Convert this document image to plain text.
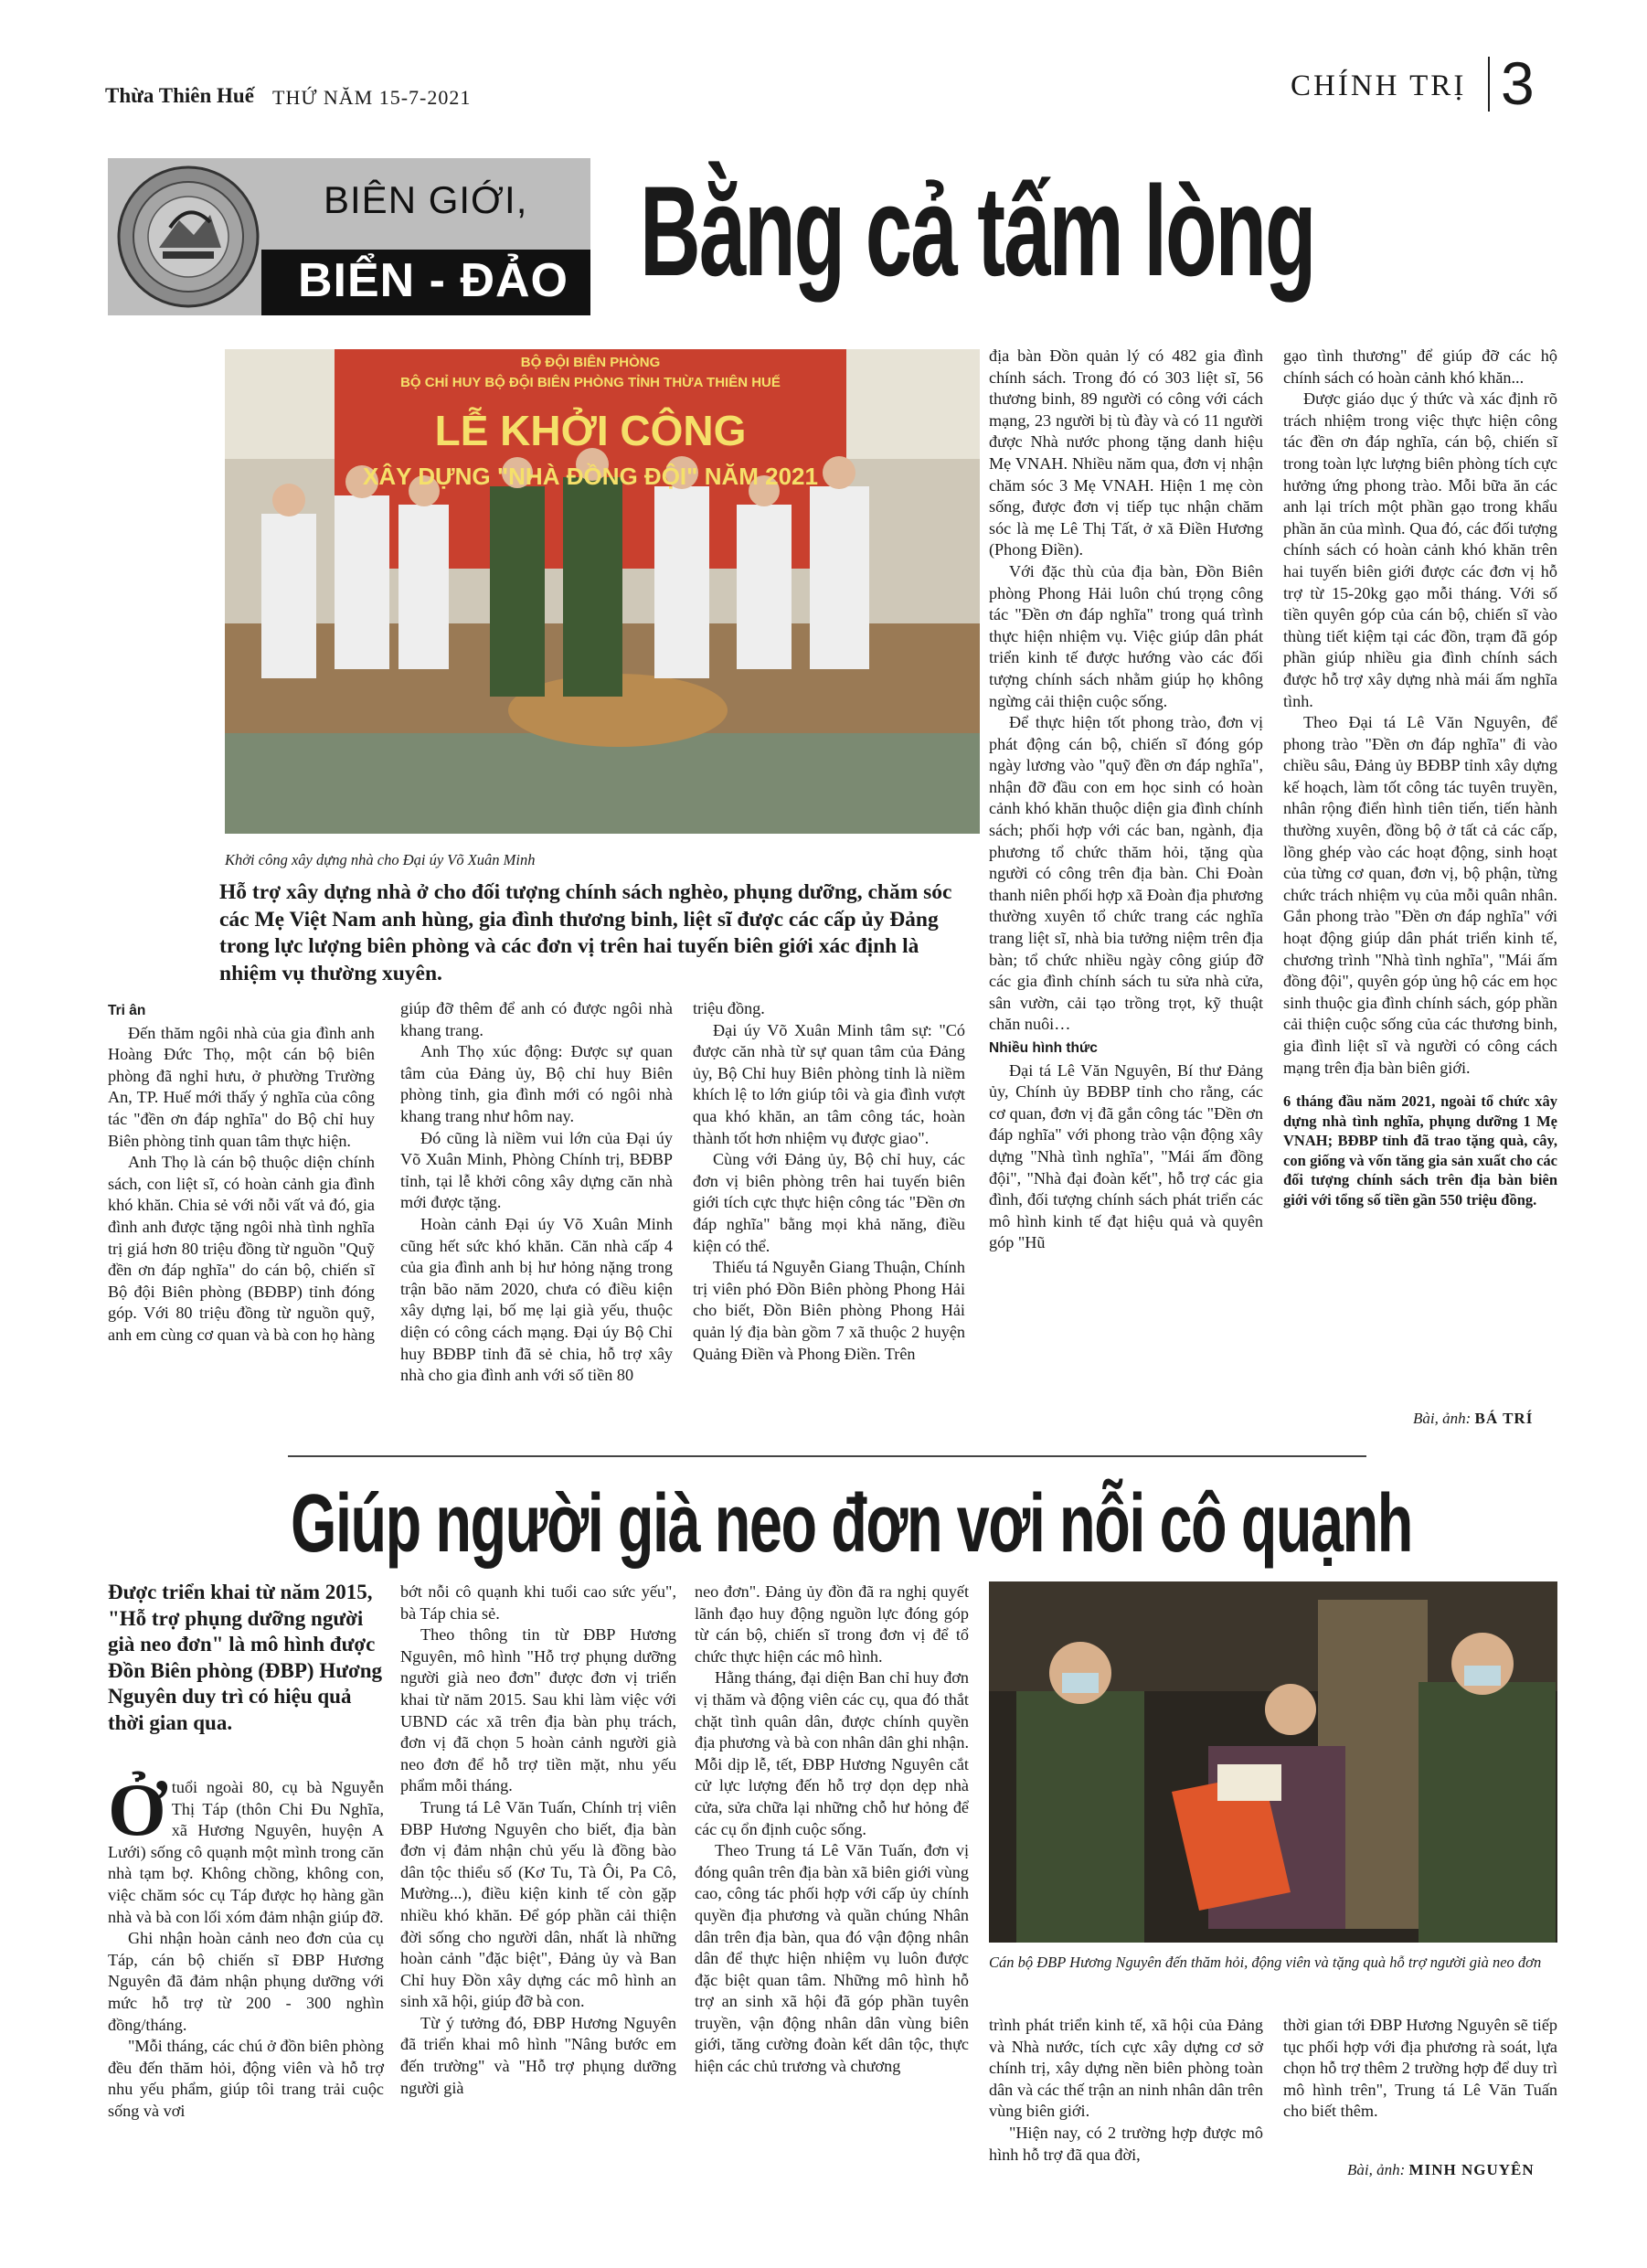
Thừa Thiên Huế THỨ NĂM 15-7-2021	CHÍNH TRỊ 3
BIÊN GIỚI,
BIỂN - ĐẢO Bằng cả tấm lòng
BỘ ĐỘI BIÊN PHÒNG
BỘ CHỈ HUY BỘ ĐỘI BIÊN PHÒNG TỈNH THỪA THIÊN HUẾ
LỄ KHỞI CÔNG
XÂY DỰNG "NHÀ ĐỒNG ĐỘI" NĂM 2021
Khởi công xây dựng nhà cho Đại úy Võ Xuân Minh
Hỗ trợ xây dựng nhà ở cho đối tượng chính sách nghèo, phụng dưỡng, chăm sóc các Mẹ Việt Nam anh hùng, gia đình thương binh, liệt sĩ được các cấp ủy Đảng trong lực lượng biên phòng và các đơn vị trên hai tuyến biên giới xác định là nhiệm vụ thường xuyên.
Tri ân

Đến thăm ngôi nhà của gia đình anh Hoàng Đức Thọ, một cán bộ biên phòng đã nghỉ hưu, ở phường Trường An, TP. Huế mới thấy ý nghĩa của công tác "đền ơn đáp nghĩa" do Bộ chỉ huy Biên phòng tỉnh quan tâm thực hiện.

Anh Thọ là cán bộ thuộc diện chính sách, con liệt sĩ, có hoàn cảnh gia đình khó khăn. Chia sẻ với nỗi vất vả đó, gia đình anh được tặng ngôi nhà tình nghĩa trị giá hơn 80 triệu đồng từ nguồn "Quỹ đền ơn đáp nghĩa" do cán bộ, chiến sĩ Bộ đội Biên phòng (BĐBP) tỉnh đóng góp. Với 80 triệu đồng từ nguồn quỹ, anh em cùng cơ quan và bà con họ hàng

giúp đỡ thêm để anh có được ngôi nhà khang trang.

Anh Thọ xúc động: Được sự quan tâm của Đảng ủy, Bộ chỉ huy Biên phòng tỉnh, gia đình mới có ngôi nhà khang trang như hôm nay.

Đó cũng là niềm vui lớn của Đại úy Võ Xuân Minh, Phòng Chính trị, BĐBP tỉnh, tại lễ khởi công xây dựng căn nhà mới được tặng.

Hoàn cảnh Đại úy Võ Xuân Minh cũng hết sức khó khăn. Căn nhà cấp 4 của gia đình anh bị hư hỏng nặng trong trận bão năm 2020, chưa có điều kiện xây dựng lại, bố mẹ lại già yếu, thuộc diện có công cách mạng. Đại úy Bộ Chỉ huy BĐBP tỉnh đã sẻ chia, hỗ trợ xây nhà cho gia đình anh với số tiền 80

triệu đồng.

Đại úy Võ Xuân Minh tâm sự: "Có được căn nhà từ sự quan tâm của Đảng ủy, Bộ Chỉ huy Biên phòng tỉnh là niềm khích lệ to lớn giúp tôi và gia đình vượt qua khó khăn, an tâm công tác, hoàn thành tốt hơn nhiệm vụ được giao".

Cùng với Đảng ủy, Bộ chỉ huy, các đơn vị biên phòng trên hai tuyến biên giới tích cực thực hiện công tác "Đền ơn đáp nghĩa" bằng mọi khả năng, điều kiện có thể.

Thiếu tá Nguyễn Giang Thuận, Chính trị viên phó Đồn Biên phòng Phong Hải cho biết, Đồn Biên phòng Phong Hải quản lý địa bàn gồm 7 xã thuộc 2 huyện Quảng Điền và Phong Điền. Trên

địa bàn Đồn quản lý có 482 gia đình chính sách. Trong đó có 303 liệt sĩ, 56 thương binh, 89 người có công với cách mạng, 23 người bị tù đày và có 11 người được Nhà nước phong tặng danh hiệu Mẹ VNAH. Nhiều năm qua, đơn vị nhận chăm sóc 3 Mẹ VNAH. Hiện 1 mẹ còn sống, được đơn vị tiếp tục nhận chăm sóc là mẹ Lê Thị Tất, ở xã Điền Hương (Phong Điền).

Với đặc thù của địa bàn, Đồn Biên phòng Phong Hải luôn chú trọng công tác "Đền ơn đáp nghĩa" trong quá trình thực hiện nhiệm vụ. Việc giúp dân phát triển kinh tế được hướng vào các đối tượng chính sách nhằm giúp họ không ngừng cải thiện cuộc sống.

Để thực hiện tốt phong trào, đơn vị phát động cán bộ, chiến sĩ đóng góp ngày lương vào "quỹ đền ơn đáp nghĩa", nhận đỡ đầu con em học sinh có hoàn cảnh khó khăn thuộc diện gia đình chính sách; phối hợp với các ban, ngành, địa phương tổ chức thăm hỏi, tặng qùa người có công trên địa bàn. Chi Đoàn thanh niên phối hợp xã Đoàn địa phương thường xuyên tổ chức trang các nghĩa trang liệt sĩ, nhà bia tưởng niệm trên địa bàn; tổ chức nhiều ngày công giúp đỡ các gia đình chính sách tu sửa nhà cửa, sân vườn, cải tạo trồng trọt, kỹ thuật chăn nuôi…

Nhiều hình thức

Đại tá Lê Văn Nguyên, Bí thư Đảng ủy, Chính ủy BĐBP tỉnh cho rằng, các cơ quan, đơn vị đã gắn công tác "Đền ơn đáp nghĩa" với phong trào vận động xây dựng "Nhà tình nghĩa", "Mái ấm đồng đội", "Nhà đại đoàn kết", hỗ trợ các gia đình, đối tượng chính sách phát triển các mô hình kinh tế đạt hiệu quả và quyên góp "Hũ

gạo tình thương" để giúp đỡ các hộ chính sách có hoàn cảnh khó khăn...

Được giáo dục ý thức và xác định rõ trách nhiệm trong việc thực hiện công tác đền ơn đáp nghĩa, cán bộ, chiến sĩ trong toàn lực lượng biên phòng tích cực hưởng ứng phong trào. Mỗi bữa ăn các anh lại trích một phần gạo trong khẩu phần ăn của mình. Qua đó, các đối tượng chính sách có hoàn cảnh khó khăn trên hai tuyến biên giới được các đơn vị hỗ trợ từ 15-20kg gạo mỗi tháng. Với số tiền quyên góp của cán bộ, chiến sĩ vào thùng tiết kiệm tại các đồn, trạm đã góp phần giúp nhiều gia đình chính sách được hỗ trợ xây dựng nhà mái ấm nghĩa tình.

Theo Đại tá Lê Văn Nguyên, để phong trào "Đền ơn đáp nghĩa" đi vào chiều sâu, Đảng ủy BĐBP tỉnh xây dựng kế hoạch, làm tốt công tác tuyên truyền, nhân rộng điển hình tiên tiến, tiến hành thường xuyên, đồng bộ ở tất cả các cấp, lồng ghép vào các hoạt động, sinh hoạt của từng cơ quan, đơn vị, bộ phận, từng chức trách nhiệm vụ của mỗi quân nhân. Gắn phong trào "Đền ơn đáp nghĩa" với hoạt động giúp dân phát triển kinh tế, chương trình "Nhà tình nghĩa", "Mái ấm đồng đội", quyên góp ủng hộ các em học sinh thuộc gia đình chính sách, góp phần cải thiện cuộc sống của các thương binh, gia đình liệt sĩ và người có công cách mạng trên địa bàn biên giới.

6 tháng đầu năm 2021, ngoài tổ chức xây dựng nhà tình nghĩa, phụng dưỡng 1 Mẹ VNAH; BĐBP tỉnh đã trao tặng quà, cây, con giống và vốn tăng gia sản xuất cho các đối tượng chính sách trên địa bàn biên giới với tổng số tiền gần 550 triệu đồng.
Bài, ảnh: BÁ TRÍ
Giúp người già neo đơn vơi nỗi cô quạnh
Được triển khai từ năm 2015, "Hỗ trợ phụng dưỡng người già neo đơn" là mô hình được Đồn Biên phòng (ĐBP) Hương Nguyên duy trì có hiệu quả thời gian qua.

Ởtuổi ngoài 80, cụ bà Nguyễn Thị Táp (thôn Chi Đu Nghĩa, xã Hương Nguyên, huyện A Lưới) sống cô quạnh một mình trong căn nhà tạm bợ. Không chồng, không con, việc chăm sóc cụ Táp được họ hàng gần nhà và bà con lối xóm đảm nhận giúp đỡ.

Ghi nhận hoàn cảnh neo đơn của cụ Táp, cán bộ chiến sĩ ĐBP Hương Nguyên đã đảm nhận phụng dưỡng với mức hỗ trợ từ 200 - 300 nghìn đồng/tháng.

"Mỗi tháng, các chú ở đồn biên phòng đều đến thăm hỏi, động viên và hỗ trợ nhu yếu phẩm, giúp tôi trang trải cuộc sống và vơi

bớt nỗi cô quạnh khi tuổi cao sức yếu", bà Táp chia sẻ.

Theo thông tin từ ĐBP Hương Nguyên, mô hình "Hỗ trợ phụng dưỡng người già neo đơn" được đơn vị triển khai từ năm 2015. Sau khi làm việc với UBND các xã trên địa bàn phụ trách, đơn vị đã chọn 5 hoàn cảnh người già neo đơn để hỗ trợ tiền mặt, nhu yếu phẩm mỗi tháng.

Trung tá Lê Văn Tuấn, Chính trị viên ĐBP Hương Nguyên cho biết, địa bàn đơn vị đảm nhận chủ yếu là đồng bào dân tộc thiểu số (Kơ Tu, Tà Ôi, Pa Cô, Mường...), điều kiện kinh tế còn gặp nhiều khó khăn. Để góp phần cải thiện đời sống cho người dân, nhất là những hoàn cảnh "đặc biệt", Đảng ủy và Ban Chỉ huy Đồn xây dựng các mô hình an sinh xã hội, giúp đỡ bà con.

Từ ý tưởng đó, ĐBP Hương Nguyên đã triển khai mô hình "Nâng bước em đến trường" và "Hỗ trợ phụng dưỡng người già

neo đơn". Đảng ủy đồn đã ra nghị quyết lãnh đạo huy động nguồn lực đóng góp từ cán bộ, chiến sĩ trong đơn vị để tổ chức thực hiện các mô hình.

Hằng tháng, đại diện Ban chỉ huy đơn vị thăm và động viên các cụ, qua đó thắt chặt tình quân dân, được chính quyền địa phương và bà con nhân dân ghi nhận. Mỗi dịp lễ, tết, ĐBP Hương Nguyên cắt cử lực lượng đến hỗ trợ dọn dẹp nhà cửa, sửa chữa lại những chỗ hư hỏng để các cụ ổn định cuộc sống.

Theo Trung tá Lê Văn Tuấn, đơn vị đóng quân trên địa bàn xã biên giới vùng cao, công tác phối hợp với cấp ủy chính quyền địa phương và quần chúng Nhân dân trên địa bàn, qua đó vận động nhân dân để thực hiện nhiệm vụ luôn được đặc biệt quan tâm. Những mô hình hỗ trợ an sinh xã hội đã góp phần tuyên truyền, vận động nhân dân vùng biên giới, tăng cường đoàn kết dân tộc, thực hiện các chủ trương và chương

Cán bộ ĐBP Hương Nguyên đến thăm hỏi, động viên và tặng quà hỗ trợ người già neo đơn

trình phát triển kinh tế, xã hội của Đảng và Nhà nước, tích cực xây dựng cơ sở chính trị, xây dựng nền biên phòng toàn dân và các thế trận an ninh nhân dân trên vùng biên giới.

"Hiện nay, có 2 trường hợp được mô hình hỗ trợ đã qua đời,

thời gian tới ĐBP Hương Nguyên sẽ tiếp tục phối hợp với địa phương rà soát, lựa chọn hỗ trợ thêm 2 trường hợp để duy trì mô hình trên", Trung tá Lê Văn Tuấn cho biết thêm.

Bài, ảnh: MINH NGUYÊN
